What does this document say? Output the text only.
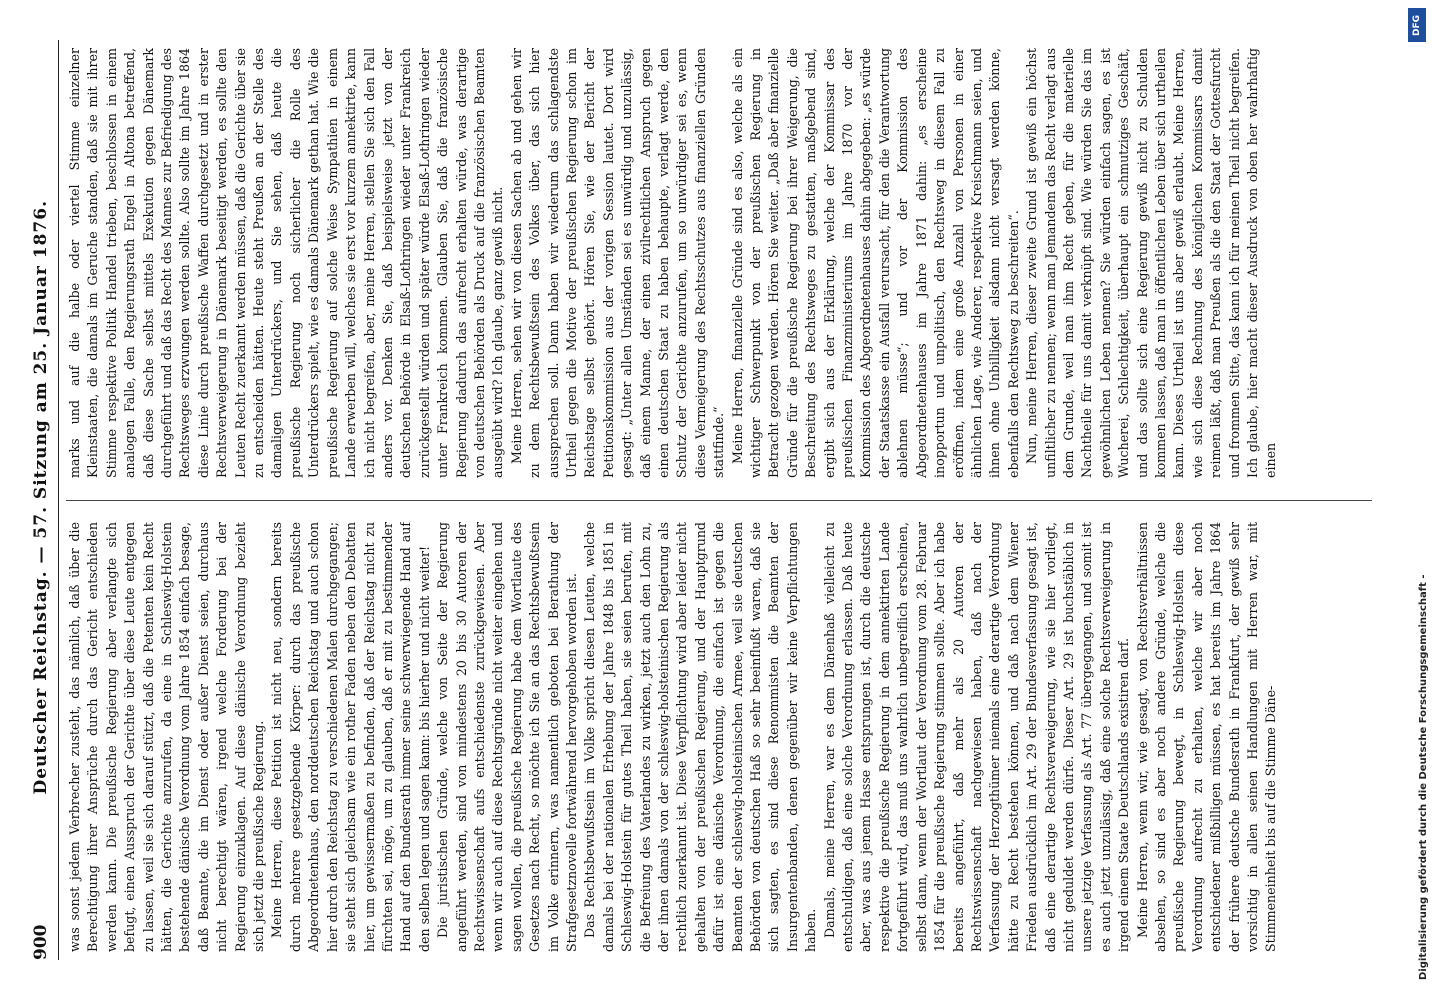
900
Deutscher Reichstag. — 57. Sitzung am 25. Januar 1876. was sonst jedem Verbrecher zusteht, das nämlich, daß über die Berechtigung ihrer Ansprüche durch das Gericht entschieden werden kann. Die preußische Regierung aber verlangte sich befugt, einen Ausspruch der Gerichte über diese Leute entgegen zu lassen, weil sie sich darauf stützt, daß die Petenten kein Recht hätten, die Gerichte anzurufen, da eine in Schleswig-Holstein bestehende dänische Verordnung vom Jahre 1854 einfach besage, daß Beamte, die im Dienst oder außer Dienst seien, durchaus nicht berechtigt wären, irgend welche Forderung bei der Regierung einzuklagen. Auf diese dänische Verordnung bezieht sich jetzt die preußische Regierung. Meine Herren, diese Petition ist nicht neu, sondern bereits durch mehrere gesetzgebende Körper: durch das preußische Abgeordnetenhaus, den norddeutschen Reichstag und auch schon hier durch den Reichstag zu verschiedenen Malen durchgegangen; sie steht sich gleichsam wie ein rother Faden neben den Debatten hier, um gewissermaßen zu befinden, daß der Reichstag nicht zu fürchten sei, möge, um zu glauben, daß er mit zu bestimmender Hand auf den Bundesrath immer seine schwerwiegende Hand auf den selben legen und sagen kann: bis hierher und nicht weiter! Die juristischen Gründe, welche von Seite der Regierung angeführt werden, sind von mindestens 20 bis 30 Autoren der Rechtswissenschaft aufs entschiedenste zurückgewiesen. Aber wenn wir auch auf diese Rechtsgründe nicht weiter eingehen und sagen wollen, die preußische Regierung habe dem Wortlaute des Gesetzes nach Recht, so möchte ich Sie an das Rechtsbewußtsein im Volke erinnern, was namentlich geboten bei Berathung der Strafgesetznovelle fortwährend hervorgehoben worden ist. Das Rechtsbewußtsein im Volke spricht diesen Leuten, welche damals bei der nationalen Erhebung der Jahre 1848 bis 1851 in Schleswig-Holstein für gutes Theil haben, sie seien berufen, mit die Befreiung des Vaterlandes zu wirken, jetzt auch den Lohn zu, der ihnen damals von der schleswig-holsteinischen Regierung als rechtlich zuerkannt ist. Diese Verpflichtung wird aber leider nicht gehalten von der preußischen Regierung, und der Hauptgrund dafür ist eine dänische Verordnung, die einfach ist gegen die Beamten der schleswig-holsteinischen Armee, weil sie deutschen Behörden von deutschen Haß so sehr beeinflußt waren, daß sie sich sagten, es sind diese Renommisten die Beamten der Insurgentenbanden, denen gegenüber wir keine Verpflichtungen haben. Damals, meine Herren, war es dem Dänenhaß vielleicht zu entschuldigen, daß eine solche Verordnung erlassen. Daß heute aber, was aus jenem Hasse entsprungen ist, durch die deutsche respektive die preußische Regierung in dem annektirten Lande fortgeführt wird, das muß uns wahrlich unbegreiflich erscheinen, selbst dann, wenn der Wortlaut der Verordnung vom 28. Februar 1854 für die preußische Regierung stimmen sollte. Aber ich habe bereits angeführt, daß mehr als 20 Autoren der Rechtswissenschaft nachgewiesen haben, daß nach der Verfassung der Herzogthümer niemals eine derartige Verordnung hätte zu Recht bestehen können, und daß nach dem Wiener Frieden ausdrücklich im Art. 29 der Bundesverfassung gesagt ist, daß eine derartige Rechtsverweigerung, wie sie hier vorliegt, nicht geduldet werden dürfe. Dieser Art. 29 ist buchstäblich in unsere jetzige Verfassung als Art. 77 übergegangen, und somit ist es auch jetzt unzulässig, daß eine solche Rechtsverweigerung in irgend einem Staate Deutschlands existiren darf. Meine Herren, wenn wir, wie gesagt, von Rechtsverhältnissen absehen, so sind es aber noch andere Gründe, welche die preußische Regierung bewegt, in Schleswig-Holstein diese Verordnung aufrecht zu erhalten, welche wir aber noch entschiedener mißbilligen müssen, es hat bereits im Jahre 1864 der frühere deutsche Bundesrath in Frankfurt, der gewiß sehr vorsichtig in allen seinen Handlungen mit Herren war, mit Stimmeneinheit bis auf die Stimme Däne-

marks und auf die halbe oder viertel Stimme einzelner Kleinstaaten, die damals im Geruche standen, daß sie mit ihrer Stimme respektive Politik Handel trieben, beschlossen in einem analogen Falle, den Regierungsrath Engel in Altona betreffend, daß diese Sache selbst mittels Exekution gegen Dänemark durchgeführt und daß das Recht des Mannes zur Befriedigung des Rechtsweges erzwungen werden sollte. Also sollte im Jahre 1864 diese Linie durch preußische Waffen durchgesetzt und in erster Rechtsverweigerung in Dänemark beseitigt werden, es sollte den Leuten Recht zuerkannt werden müssen, daß die Gerichte über sie zu entscheiden hätten. Heute steht Preußen an der Stelle des damaligen Unterdrückers, und Sie sehen, daß heute die preußische Regierung noch sicherlicher die Rolle des Unterdrückers spielt, wie es damals Dänemark gethan hat. Wie die preußische Regierung auf solche Weise Sympathien in einem Lande erwerben will, welches sie erst vor kurzem annektirte, kann ich nicht begreifen, aber, meine Herren, stellen Sie sich den Fall anders vor. Denken Sie, daß beispielsweise jetzt von der deutschen Behörde in Elsaß-Lothringen wieder unter Frankreich zurückgestellt würden und später würde Elsaß-Lothringen wieder unter Frankreich kommen. Glauben Sie, daß die französische Regierung dadurch das aufrecht erhalten würde, was derartige von deutschen Behörden als Druck auf die französischen Beamten ausgeübt wird? Ich glaube, ganz gewiß nicht. Meine Herren, sehen wir von diesen Sachen ab und gehen wir zu dem Rechtsbewußtsein des Volkes über, das sich hier aussprechen soll. Dann haben wir wiederum das schlagendste Urtheil gegen die Motive der preußischen Regierung schon im Reichstage selbst gehört. Hören Sie, wie der Bericht der Petitionskommission aus der vorigen Session lautet. Dort wird gesagt: „Unter allen Umständen sei es unwürdig und unzulässig, daß einem Manne, der einen zivilrechtlichen Anspruch gegen einen deutschen Staat zu haben behaupte, verlagt werde, den Schutz der Gerichte anzurufen, um so unwürdiger sei es, wenn diese Vermeigerung des Rechtsschutzes aus finanziellen Gründen stattfinde.“ Meine Herren, finanzielle Gründe sind es also, welche als ein wichtiger Schwerpunkt von der preußischen Regierung in Betracht gezogen werden. Hören Sie weiter. „Daß aber finanzielle Gründe für die preußische Regierung bei ihrer Weigerung, die Beschreitung des Rechtsweges zu gestatten, maßgebend sind, ergibt sich aus der Erklärung, welche der Kommissar des preußischen Finanzministeriums im Jahre 1870 vor der Kommission des Abgeordnetenhauses dahin abgegeben: „es würde der Staatskasse ein Ausfall verursacht, für den die Verantwortung ablehnen müsse“; und vor der Kommission des Abgeordnetenhauses im Jahre 1871 dahin: „es erscheine inopportun und unpolitisch, den Rechtsweg in diesem Fall zu eröffnen, indem eine große Anzahl von Personen in einer ähnlichen Lage, wie Anderer, respektive Kreischmann seien, und ihnen ohne Unbilligkeit alsdann nicht versagt werden könne, ebenfalls den Rechtsweg zu beschreiten“. Nun, meine Herren, dieser zweite Grund ist gewiß ein höchst unfiltlicher zu nennen; wenn man Jemandem das Recht verlagt aus dem Grunde, weil man ihm Recht geben, für die materielle Nachtheile für uns damit verknüpft sind. Wie würden Sie das im gewöhnlichen Leben nennen? Sie würden einfach sagen, es ist Wucherei, Schlechtigkeit, überhaupt ein schmutziges Geschäft, und das sollte sich eine Regierung gewiß nicht zu Schulden kommen lassen, daß man in öffentlichen Leben über sich urtheilen kann. Dieses Urtheil ist uns aber gewiß erlaubt. Meine Herren, wie sich diese Rechnung des königlichen Kommissars damit reimen läßt, daß man Preußen als die den Staat der Gottesfurcht und frommen Sitte, das kann ich für meinen Theil nicht begreifen. Ich glaube, hier macht dieser Ausdruck von oben her wahrhaftig einen

DFG
Digitalisierung gefördert durch die Deutsche Forschungsgemeinschaft -
